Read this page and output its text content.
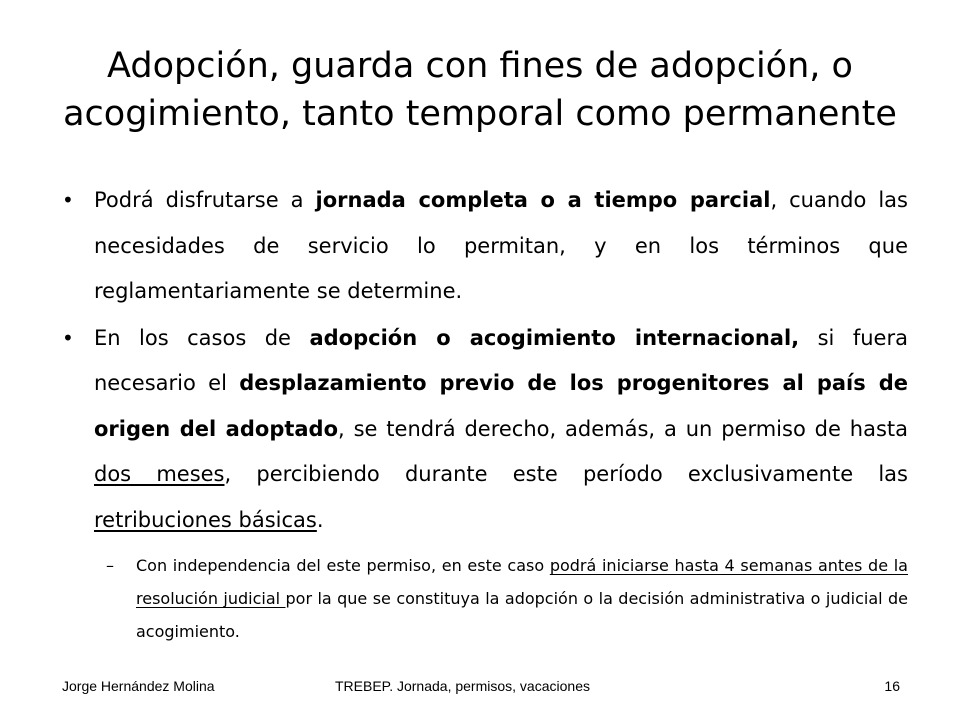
Adopción, guarda con fines de adopción, o
acogimiento, tanto temporal como permanente
• Podrá disfrutarse a jornada completa o a tiempo parcial, cuando las necesidades de servicio lo permitan, y en los términos que reglamentariamente se determine.
• En los casos de adopción o acogimiento internacional, si fuera necesario el desplazamiento previo de los progenitores al país de origen del adoptado, se tendrá derecho, además, a un permiso de hasta dos meses, percibiendo durante este período exclusivamente las retribuciones básicas.
– Con independencia del este permiso, en este caso podrá iniciarse hasta 4 semanas antes de la resolución judicial por la que se constituya la adopción o la decisión administrativa o judicial de acogimiento.
Jorge Hernández Molina	TREBEP. Jornada, permisos, vacaciones	16
